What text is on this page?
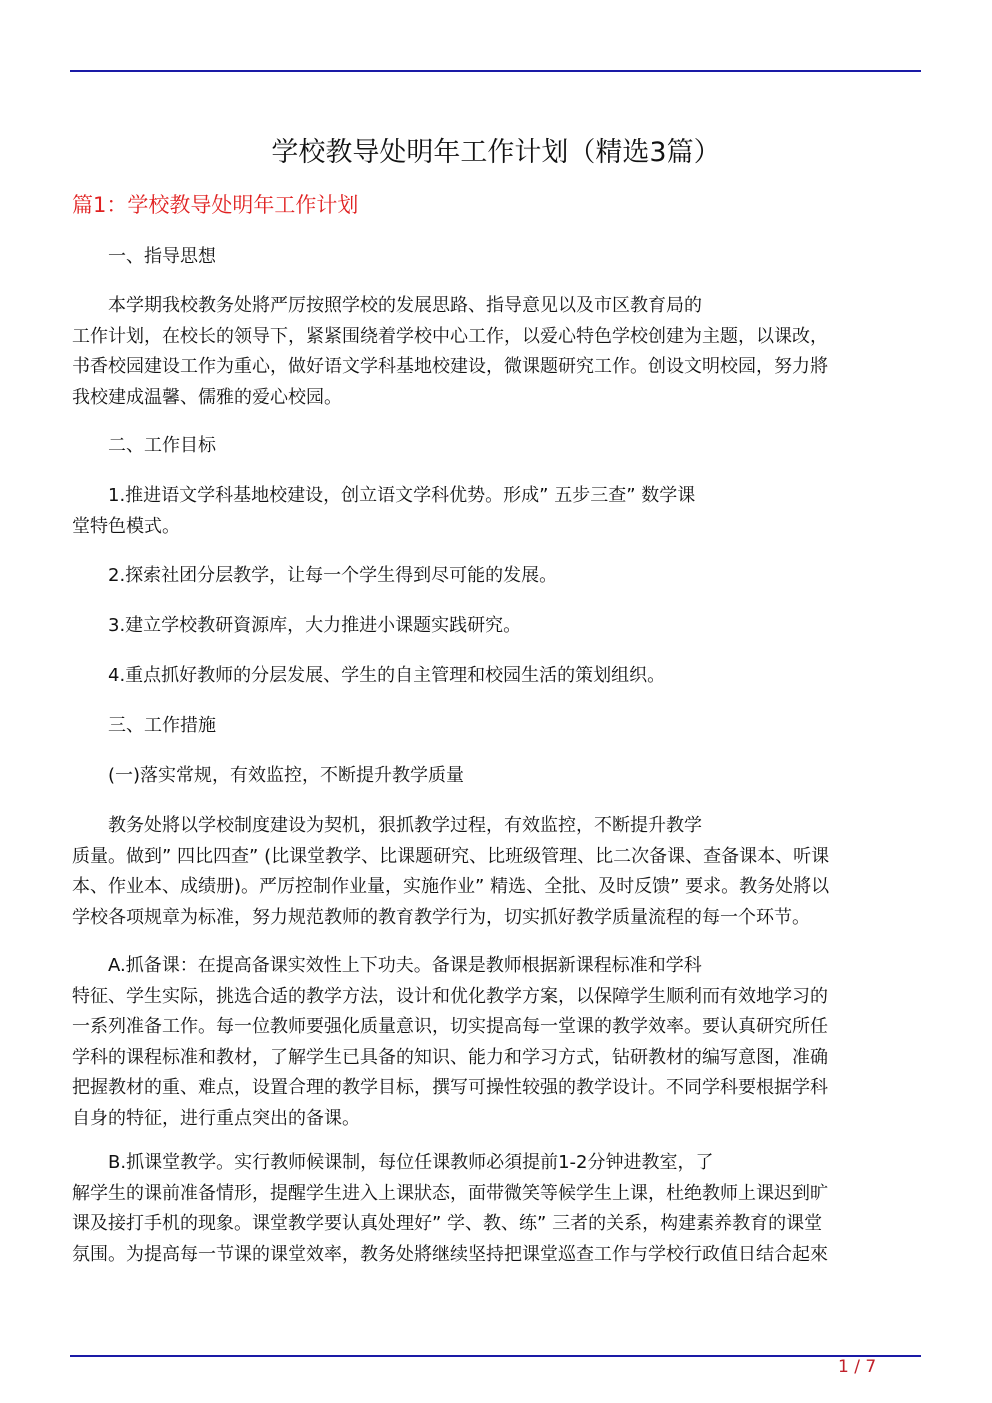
学校教导处明年工作计划（精选3篇）
篇1：学校教导处明年工作计划
一、指导思想
本学期我校教务处將严厉按照学校的发展思路、指导意见以及市区教育局的
工作计划，在校长的领导下，紧紧围绕着学校中心工作，以爱心特色学校创建为主题，以课改，
书香校园建设工作为重心，做好语文学科基地校建设，微课题研究工作。创设文明校园，努力將
我校建成温馨、儒雅的爱心校园。
二、工作目标
1.推进语文学科基地校建设，创立语文学科优势。形成” 五步三查” 数学课
堂特色模式。
2.探索社团分层教学，让每一个学生得到尽可能的发展。
3.建立学校教研資源库，大力推进小课题实践研究。
4.重点抓好教师的分层发展、学生的自主管理和校园生活的策划组织。
三、工作措施
(一)落实常规，有效监控，不断提升教学质量
教务处將以学校制度建设为契机，狠抓教学过程，有效监控，不断提升教学
质量。做到” 四比四查” (比课堂教学、比课题研究、比班级管理、比二次备课、查备课本、听课
本、作业本、成绩册)。严厉控制作业量，实施作业” 精选、全批、及时反馈” 要求。教务处將以
学校各项规章为标准，努力规范教师的教育教学行为，切实抓好教学质量流程的每一个环节。
A.抓备课：在提高备课实效性上下功夫。备课是教师根据新课程标准和学科
特征、学生实际，挑选合适的教学方法，设计和优化教学方案，以保障学生顺利而有效地学习的
一系列准备工作。每一位教师要强化质量意识，切实提高每一堂课的教学效率。要认真研究所任
学科的课程标准和教材，了解学生已具备的知识、能力和学习方式，钻研教材的编写意图，准确
把握教材的重、难点，设置合理的教学目标，撰写可操性较强的教学设计。不同学科要根据学科
自身的特征，进行重点突出的备课。
B.抓课堂教学。实行教师候课制，每位任课教师必須提前1-2分钟进教室，了
解学生的课前准备情形，提醒学生进入上课狀态，面带微笑等候学生上课，杜绝教师上课迟到旷
课及接打手机的现象。课堂教学要认真处理好” 学、教、练” 三者的关系，构建素养教育的课堂
氛围。为提高每一节课的课堂效率，教务处將继续坚持把课堂巡查工作与学校行政值日结合起來
1 / 7
